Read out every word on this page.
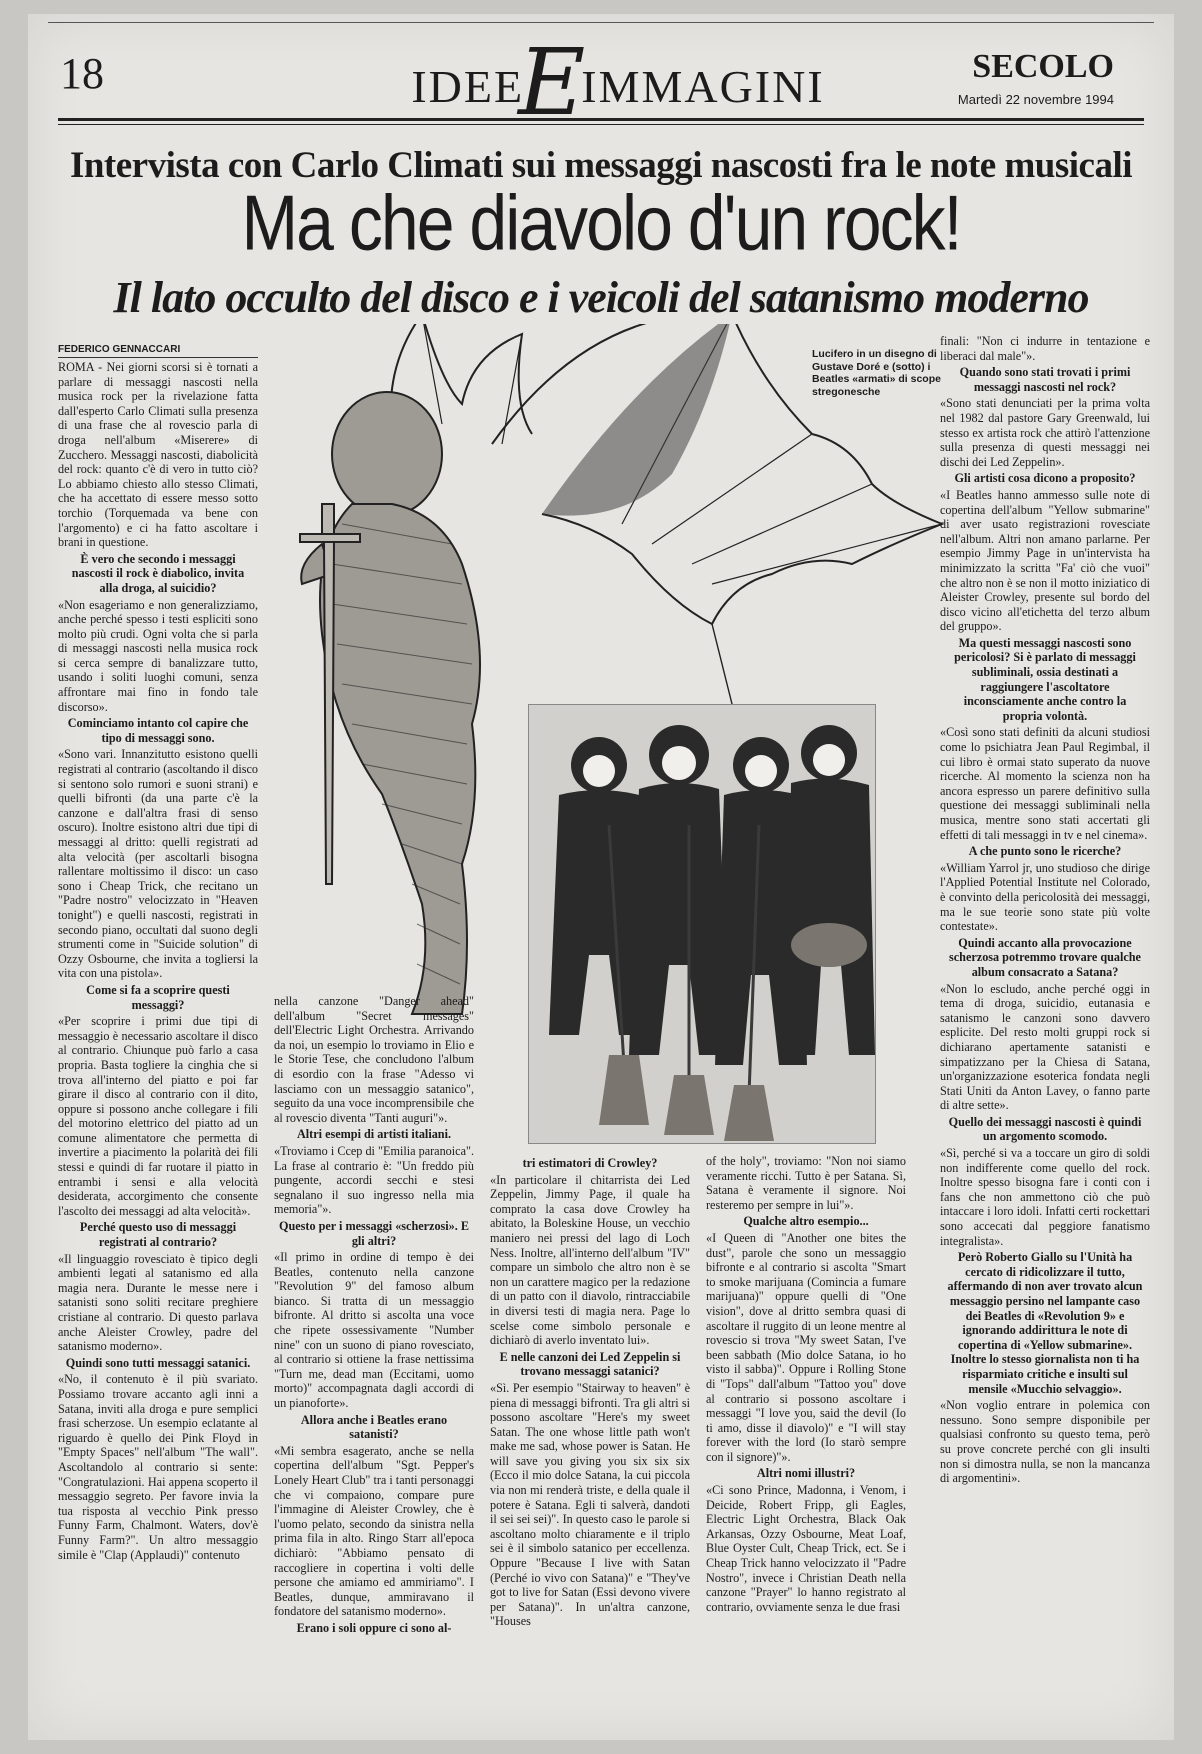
18	IDEEEIMMAGINI	SECOLO
Martedì 22 novembre 1994
Intervista con Carlo Climati sui messaggi nascosti fra le note musicali
Ma che diavolo d'un rock!
Il lato occulto del disco e i veicoli del satanismo moderno
FEDERICO GENNACCARI	Lucifero in un disegno di Gustave Doré e (sotto) i Beatles «armati» di scope stregonesche

ROMA - Nei giorni scorsi si è tornati a parlare di messaggi nascosti nella musica rock per la rivelazione fatta dall'esperto Carlo Climati sulla presenza di una frase che al rovescio parla di droga nell'album «Miserere» di Zucchero. Messaggi nascosti, diabolicità del rock: quanto c'è di vero in tutto ciò? Lo abbiamo chiesto allo stesso Climati, che ha accettato di essere messo sotto torchio (Torquemada va bene con l'argomento) e ci ha fatto ascoltare i brani in questione.

È vero che secondo i messaggi nascosti il rock è diabolico, invita alla droga, al suicidio?

«Non esageriamo e non generalizziamo, anche perché spesso i testi espliciti sono molto più crudi. Ogni volta che si parla di messaggi nascosti nella musica rock si cerca sempre di banalizzare tutto, usando i soliti luoghi comuni, senza affrontare mai fino in fondo tale discorso».

Cominciamo intanto col capire che tipo di messaggi sono.

«Sono vari. Innanzitutto esistono quelli registrati al contrario (ascoltando il disco si sentono solo rumori e suoni strani) e quelli bifronti (da una parte c'è la canzone e dall'altra frasi di senso oscuro). Inoltre esistono altri due tipi di messaggi al dritto: quelli registrati ad alta velocità (per ascoltarli bisogna rallentare moltissimo il disco: un caso sono i Cheap Trick, che recitano un "Padre nostro" velocizzato in "Heaven tonight") e quelli nascosti, registrati in secondo piano, occultati dal suono degli strumenti come in "Suicide solution" di Ozzy Osbourne, che invita a togliersi la vita con una pistola».

Come si fa a scoprire questi messaggi?

«Per scoprire i primi due tipi di messaggio è necessario ascoltare il disco al contrario. Chiunque può farlo a casa propria. Basta togliere la cinghia che si trova all'interno del piatto e poi far girare il disco al contrario con il dito, oppure si possono anche collegare i fili del motorino elettrico del piatto ad un comune alimentatore che permetta di invertire a piacimento la polarità dei fili stessi e quindi di far ruotare il piatto in entrambi i sensi e alla velocità desiderata, accorgimento che consente l'ascolto dei messaggi ad alta velocità».

Perché questo uso di messaggi registrati al contrario?

«Il linguaggio rovesciato è tipico degli ambienti legati al satanismo ed alla magia nera. Durante le messe nere i satanisti sono soliti recitare preghiere cristiane al contrario. Di questo parlava anche Aleister Crowley, padre del satanismo moderno».

Quindi sono tutti messaggi satanici.

«No, il contenuto è il più svariato. Possiamo trovare accanto agli inni a Satana, inviti alla droga e pure semplici frasi scherzose. Un esempio eclatante al riguardo è quello dei Pink Floyd in "Empty Spaces" nell'album "The wall". Ascoltandolo al contrario si sente: "Congratulazioni. Hai appena scoperto il messaggio segreto. Per favore invia la tua risposta al vecchio Pink presso Funny Farm, Chalmont. Waters, dov'è Funny Farm?". Un altro messaggio simile è "Clap (Applaudi)" contenuto

nella canzone "Danger ahead" dell'album "Secret messages" dell'Electric Light Orchestra. Arrivando da noi, un esempio lo troviamo in Elio e le Storie Tese, che concludono l'album di esordio con la frase "Adesso vi lasciamo con un messaggio satanico", seguito da una voce incomprensibile che al rovescio diventa "Tanti auguri"».

Altri esempi di artisti italiani.

«Troviamo i Ccep di "Emilia paranoica". La frase al contrario è: "Un freddo più pungente, accordi secchi e stesi segnalano il suo ingresso nella mia memoria"».

Questo per i messaggi «scherzosi». E gli altri?

«Il primo in ordine di tempo è dei Beatles, contenuto nella canzone "Revolution 9" del famoso album bianco. Si tratta di un messaggio bifronte. Al dritto si ascolta una voce che ripete ossessivamente "Number nine" con un suono di piano rovesciato, al contrario si ottiene la frase nettissima "Turn me, dead man (Eccitami, uomo morto)" accompagnata dagli accordi di un pianoforte».

Allora anche i Beatles erano satanisti?

«Mi sembra esagerato, anche se nella copertina dell'album "Sgt. Pepper's Lonely Heart Club" tra i tanti personaggi che vi compaiono, compare pure l'immagine di Aleister Crowley, che è l'uomo pelato, secondo da sinistra nella prima fila in alto. Ringo Starr all'epoca dichiarò: "Abbiamo pensato di raccogliere in copertina i volti delle persone che amiamo ed ammiriamo". I Beatles, dunque, ammiravano il fondatore del satanismo moderno».

Erano i soli oppure ci sono al-

tri estimatori di Crowley?

«In particolare il chitarrista dei Led Zeppelin, Jimmy Page, il quale ha comprato la casa dove Crowley ha abitato, la Boleskine House, un vecchio maniero nei pressi del lago di Loch Ness. Inoltre, all'interno dell'album "IV" compare un simbolo che altro non è se non un carattere magico per la redazione di un patto con il diavolo, rintracciabile in diversi testi di magia nera. Page lo scelse come simbolo personale e dichiarò di averlo inventato lui».

E nelle canzoni dei Led Zeppelin si trovano messaggi satanici?

«Sì. Per esempio "Stairway to heaven" è piena di messaggi bifronti. Tra gli altri si possono ascoltare "Here's my sweet Satan. The one whose little path won't make me sad, whose power is Satan. He will save you giving you six six six (Ecco il mio dolce Satana, la cui piccola via non mi renderà triste, e della quale il potere è Satana. Egli ti salverà, dandoti il sei sei sei)". In questo caso le parole si ascoltano molto chiaramente e il triplo sei è il simbolo satanico per eccellenza. Oppure "Because I live with Satan (Perché io vivo con Satana)" e "They've got to live for Satan (Essi devono vivere per Satana)". In un'altra canzone, "Houses

of the holy", troviamo: "Non noi siamo veramente ricchi. Tutto è per Satana. Sì, Satana è veramente il signore. Noi resteremo per sempre in lui"».

Qualche altro esempio...

«I Queen di "Another one bites the dust", parole che sono un messaggio bifronte e al contrario si ascolta "Smart to smoke marijuana (Comincia a fumare marijuana)" oppure quelli di "One vision", dove al dritto sembra quasi di ascoltare il ruggito di un leone mentre al rovescio si trova "My sweet Satan, I've been sabbath (Mio dolce Satana, io ho visto il sabba)". Oppure i Rolling Stone di "Tops" dall'album "Tattoo you" dove al contrario si possono ascoltare i messaggi "I love you, said the devil (Io ti amo, disse il diavolo)" e "I will stay forever with the lord (Io starò sempre con il signore)"».

Altri nomi illustri?

«Ci sono Prince, Madonna, i Venom, i Deicide, Robert Fripp, gli Eagles, Electric Light Orchestra, Black Oak Arkansas, Ozzy Osbourne, Meat Loaf, Blue Oyster Cult, Cheap Trick, ect. Se i Cheap Trick hanno velocizzato il "Padre Nostro", invece i Christian Death nella canzone "Prayer" lo hanno registrato al contrario, ovviamente senza le due frasi

finali: "Non ci indurre in tentazione e liberaci dal male"».

Quando sono stati trovati i primi messaggi nascosti nel rock?

«Sono stati denunciati per la prima volta nel 1982 dal pastore Gary Greenwald, lui stesso ex artista rock che attirò l'attenzione sulla presenza di questi messaggi nei dischi dei Led Zeppelin».

Gli artisti cosa dicono a proposito?

«I Beatles hanno ammesso sulle note di copertina dell'album "Yellow submarine" di aver usato registrazioni rovesciate nell'album. Altri non amano parlarne. Per esempio Jimmy Page in un'intervista ha minimizzato la scritta "Fa' ciò che vuoi" che altro non è se non il motto iniziatico di Aleister Crowley, presente sul bordo del disco vicino all'etichetta del terzo album del gruppo».

Ma questi messaggi nascosti sono pericolosi? Si è parlato di messaggi subliminali, ossia destinati a raggiungere l'ascoltatore inconsciamente anche contro la propria volontà.

«Così sono stati definiti da alcuni studiosi come lo psichiatra Jean Paul Regimbal, il cui libro è ormai stato superato da nuove ricerche. Al momento la scienza non ha ancora espresso un parere definitivo sulla questione dei messaggi subliminali nella musica, mentre sono stati accertati gli effetti di tali messaggi in tv e nel cinema».

A che punto sono le ricerche?

«William Yarrol jr, uno studioso che dirige l'Applied Potential Institute nel Colorado, è convinto della pericolosità dei messaggi, ma le sue teorie sono state più volte contestate».

Quindi accanto alla provocazione scherzosa potremmo trovare qualche album consacrato a Satana?

«Non lo escludo, anche perché oggi in tema di droga, suicidio, eutanasia e satanismo le canzoni sono davvero esplicite. Del resto molti gruppi rock si dichiarano apertamente satanisti e simpatizzano per la Chiesa di Satana, un'organizzazione esoterica fondata negli Stati Uniti da Anton Lavey, o fanno parte di altre sette».

Quello dei messaggi nascosti è quindi un argomento scomodo.

«Sì, perché si va a toccare un giro di soldi non indifferente come quello del rock. Inoltre spesso bisogna fare i conti con i fans che non ammettono ciò che può intaccare i loro idoli. Infatti certi rockettari sono accecati dal peggiore fanatismo integralista».

Però Roberto Giallo su l'Unità ha cercato di ridicolizzare il tutto, affermando di non aver trovato alcun messaggio persino nel lampante caso dei Beatles di «Revolution 9» e ignorando addirittura le note di copertina di «Yellow submarine». Inoltre lo stesso giornalista non ti ha risparmiato critiche e insulti sul mensile «Mucchio selvaggio».

«Non voglio entrare in polemica con nessuno. Sono sempre disponibile per qualsiasi confronto su questo tema, però su prove concrete perché con gli insulti non si dimostra nulla, se non la mancanza di argomentini».
